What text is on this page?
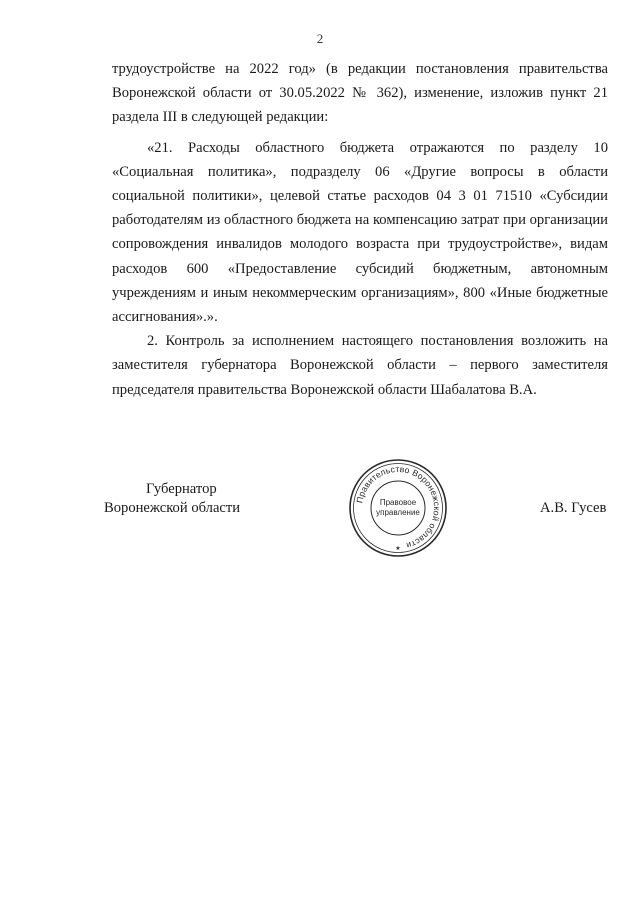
2

трудоустройстве на 2022 год» (в редакции постановления правительства Воронежской области от 30.05.2022 № 362), изменение, изложив пункт 21 раздела III в следующей редакции:

«21. Расходы областного бюджета отражаются по разделу 10 «Социальная политика», подразделу 06 «Другие вопросы в области социальной политики», целевой статье расходов 04 3 01 71510 «Субсидии работодателям из областного бюджета на компенсацию затрат при организации сопровождения инвалидов молодого возраста при трудоустройстве», видам расходов 600 «Предоставление субсидий бюджетным, автономным учреждениям и иным некоммерческим организациям», 800 «Иные бюджетные ассигнования».».

2. Контроль за исполнением настоящего постановления возложить на заместителя губернатора Воронежской области – первого заместителя председателя правительства Воронежской области Шабалатова В.А.

Губернатор
Воронежской области
Правительство Воронежской области
Правовое
управление
★
А.В. Гусев
